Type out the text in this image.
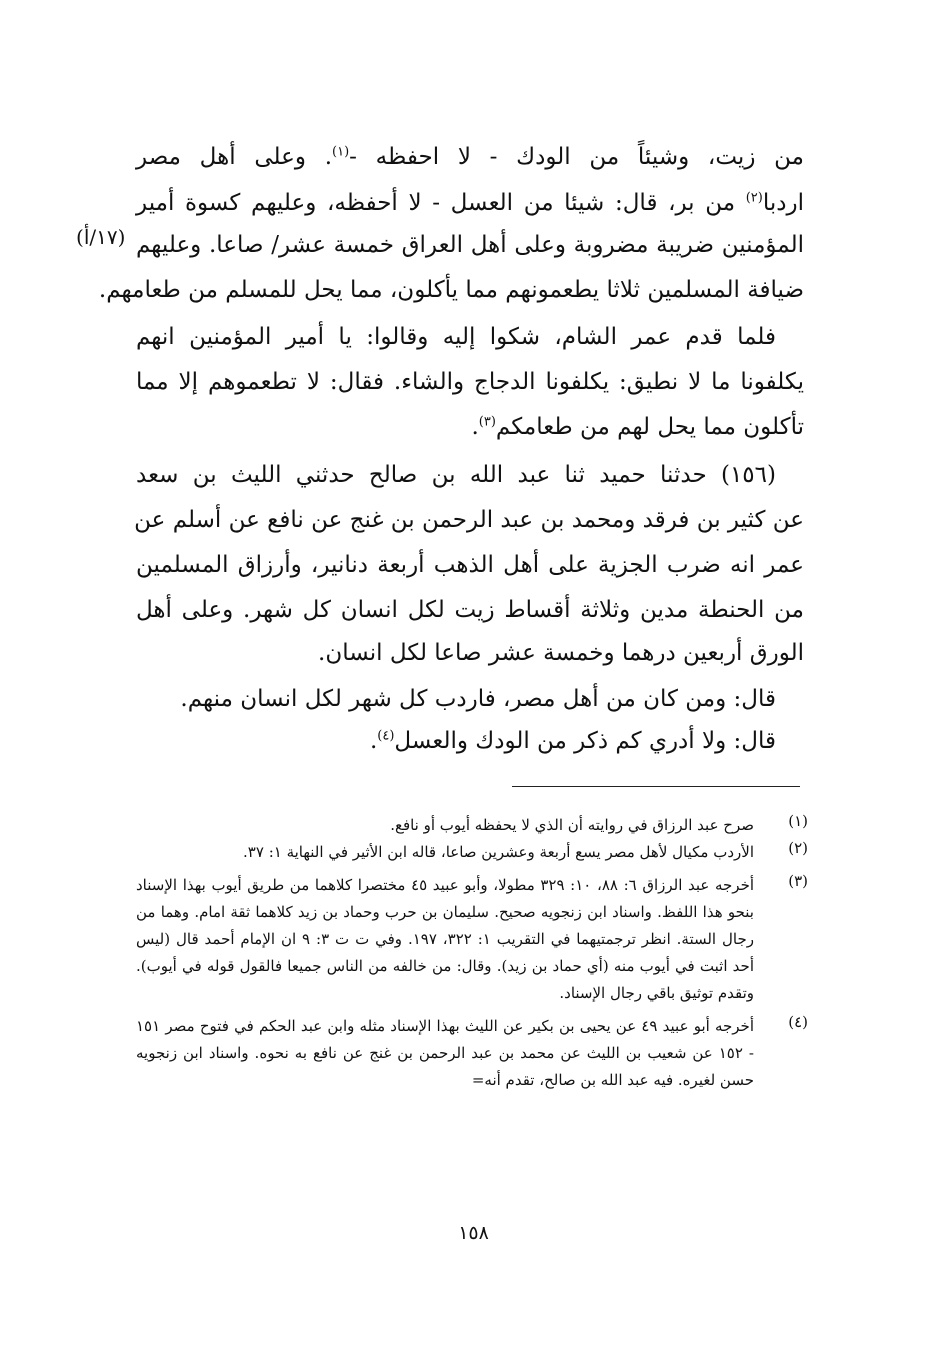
من زيت، وشيئاً من الودك - لا احفظه -$^{(١)}$. وعلى أهل مصر
اردبا$^{(٢)}$ من بر، قال: شيئا من العسل - لا أحفظه، وعليهم كسوة أمير
المؤمنين ضريبة مضروبة وعلى أهل العراق خمسة عشر/ صاعا. وعليهم
ضيافة المسلمين ثلاثا يطعمونهم مما يأكلون، مما يحل للمسلم من طعامهم.
فلما قدم عمر الشام، شكوا إليه وقالوا: يا أمير المؤمنين انهم
يكلفونا ما لا نطيق: يكلفونا الدجاج والشاء. فقال: لا تطعموهم إلا مما
تأكلون مما يحل لهم من طعامكم$^{(٣)}$.
(١٥٦) حدثنا حميد ثنا عبد الله بن صالح حدثني الليث بن سعد
عن كثير بن فرقد ومحمد بن عبد الرحمن بن غنج عن نافع عن أسلم عن
عمر انه ضرب الجزية على أهل الذهب أربعة دنانير، وأرزاق المسلمين
من الحنطة مدين وثلاثة أقساط زيت لكل انسان كل شهر. وعلى أهل
الورق أربعين درهما وخمسة عشر صاعا لكل انسان.
قال: ومن كان من أهل مصر، فاردب كل شهر لكل انسان منهم.
قال: ولا أدري كم ذكر من الودك والعسل$^{(٤)}$.
(١٧/أ)
(١)
صرح عبد الرزاق في روايته أن الذي لا يحفظه أيوب أو نافع.
(٢)
الأردب مكيال لأهل مصر يسع أربعة وعشرين صاعا، قاله ابن الأثير في النهاية ١: ٣٧.
(٣)
أخرجه عبد الرزاق ٦: ٨٨، ١٠: ٣٢٩ مطولا، وأبو عبيد ٤٥ مختصرا كلاهما من طريق أيوب بهذا الإسناد بنحو هذا اللفظ. واسناد ابن زنجويه صحيح. سليمان بن حرب وحماد بن زيد كلاهما ثقة امام. وهما من رجال الستة. انظر ترجمتيهما في التقريب ١: ٣٢٢، ١٩٧. وفي ت ت ٣: ٩ ان الإمام أحمد قال (ليس أحد اثبت في أيوب منه (أي حماد بن زيد). وقال: من خالفه من الناس جميعا فالقول قوله في أيوب). وتقدم توثيق باقي رجال الإسناد.
(٤)
أخرجه أبو عبيد ٤٩ عن يحيى بن بكير عن الليث بهذا الإسناد مثله وابن عبد الحكم في فتوح مصر ١٥١ - ١٥٢ عن شعيب بن الليث عن محمد بن عبد الرحمن بن غنج عن نافع به نحوه. واسناد ابن زنجويه حسن لغيره. فيه عبد الله بن صالح، تقدم أنه=
١٥٨
